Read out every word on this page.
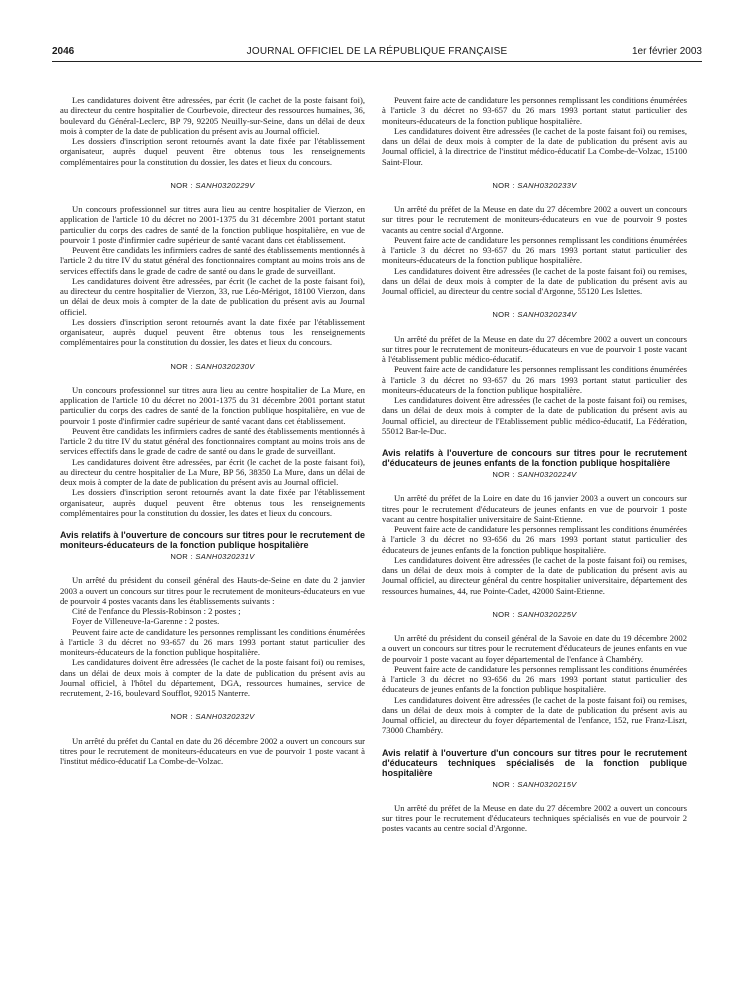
2046	JOURNAL OFFICIEL DE LA RÉPUBLIQUE FRANÇAISE	1er février 2003

Les candidatures doivent être adressées, par écrit (le cachet de la poste faisant foi), au directeur du centre hospitalier de Courbevoie, directeur des ressources humaines, 36, boulevard du Général-Leclerc, BP 79, 92205 Neuilly-sur-Seine, dans un délai de deux mois à compter de la date de publication du présent avis au Journal officiel.

Les dossiers d'inscription seront retournés avant la date fixée par l'établissement organisateur, auprès duquel peuvent être obtenus tous les renseignements complémentaires pour la constitution du dossier, les dates et lieux du concours.

NOR : SANH0320229V

Un concours professionnel sur titres aura lieu au centre hospitalier de Vierzon, en application de l'article 10 du décret no 2001-1375 du 31 décembre 2001 portant statut particulier du corps des cadres de santé de la fonction publique hospitalière, en vue de pourvoir 1 poste d'infirmier cadre supérieur de santé vacant dans cet établissement.

Peuvent être candidats les infirmiers cadres de santé des établissements mentionnés à l'article 2 du titre IV du statut général des fonctionnaires comptant au moins trois ans de services effectifs dans le grade de cadre de santé ou dans le grade de surveillant.

Les candidatures doivent être adressées, par écrit (le cachet de la poste faisant foi), au directeur du centre hospitalier de Vierzon, 33, rue Léo-Mérigot, 18100 Vierzon, dans un délai de deux mois à compter de la date de publication du présent avis au Journal officiel.

Les dossiers d'inscription seront retournés avant la date fixée par l'établissement organisateur, auprès duquel peuvent être obtenus tous les renseignements complémentaires pour la constitution du dossier, les dates et lieux du concours.

NOR : SANH0320230V

Un concours professionnel sur titres aura lieu au centre hospitalier de La Mure, en application de l'article 10 du décret no 2001-1375 du 31 décembre 2001 portant statut particulier du corps des cadres de santé de la fonction publique hospitalière, en vue de pourvoir 1 poste d'infirmier cadre supérieur de santé vacant dans cet établissement.

Peuvent être candidats les infirmiers cadres de santé des établissements mentionnés à l'article 2 du titre IV du statut général des fonctionnaires comptant au moins trois ans de services effectifs dans le grade de cadre de santé ou dans le grade de surveillant.

Les candidatures doivent être adressées, par écrit (le cachet de la poste faisant foi), au directeur du centre hospitalier de La Mure, BP 56, 38350 La Mure, dans un délai de deux mois à compter de la date de publication du présent avis au Journal officiel.

Les dossiers d'inscription seront retournés avant la date fixée par l'établissement organisateur, auprès duquel peuvent être obtenus tous les renseignements complémentaires pour la constitution du dossier, les dates et lieux du concours.

Avis relatifs à l'ouverture de concours sur titres pour le recrutement de moniteurs-éducateurs de la fonction publique hospitalière
NOR : SANH0320231V

Un arrêté du président du conseil général des Hauts-de-Seine en date du 2 janvier 2003 a ouvert un concours sur titres pour le recrutement de moniteurs-éducateurs en vue de pourvoir 4 postes vacants dans les établissements suivants :

Cité de l'enfance du Plessis-Robinson : 2 postes ;

Foyer de Villeneuve-la-Garenne : 2 postes.

Peuvent faire acte de candidature les personnes remplissant les conditions énumérées à l'article 3 du décret no 93-657 du 26 mars 1993 portant statut particulier des moniteurs-éducateurs de la fonction publique hospitalière.

Les candidatures doivent être adressées (le cachet de la poste faisant foi) ou remises, dans un délai de deux mois à compter de la date de publication du présent avis au Journal officiel, à l'hôtel du département, DGA, ressources humaines, service de recrutement, 2-16, boulevard Soufflot, 92015 Nanterre.

NOR : SANH0320232V

Un arrêté du préfet du Cantal en date du 26 décembre 2002 a ouvert un concours sur titres pour le recrutement de moniteurs-éducateurs en vue de pourvoir 1 poste vacant à l'institut médico-éducatif La Combe-de-Volzac.

Peuvent faire acte de candidature les personnes remplissant les conditions énumérées à l'article 3 du décret no 93-657 du 26 mars 1993 portant statut particulier des moniteurs-éducateurs de la fonction publique hospitalière.

Les candidatures doivent être adressées (le cachet de la poste faisant foi) ou remises, dans un délai de deux mois à compter de la date de publication du présent avis au Journal officiel, à la directrice de l'institut médico-éducatif La Combe-de-Volzac, 15100 Saint-Flour.

NOR : SANH0320233V

Un arrêté du préfet de la Meuse en date du 27 décembre 2002 a ouvert un concours sur titres pour le recrutement de moniteurs-éducateurs en vue de pourvoir 9 postes vacants au centre social d'Argonne.

Peuvent faire acte de candidature les personnes remplissant les conditions énumérées à l'article 3 du décret no 93-657 du 26 mars 1993 portant statut particulier des moniteurs-éducateurs de la fonction publique hospitalière.

Les candidatures doivent être adressées (le cachet de la poste faisant foi) ou remises, dans un délai de deux mois à compter de la date de publication du présent avis au Journal officiel, au directeur du centre social d'Argonne, 55120 Les Islettes.

NOR : SANH0320234V

Un arrêté du préfet de la Meuse en date du 27 décembre 2002 a ouvert un concours sur titres pour le recrutement de moniteurs-éducateurs en vue de pourvoir 1 poste vacant à l'établissement public médico-éducatif.

Peuvent faire acte de candidature les personnes remplissant les conditions énumérées à l'article 3 du décret no 93-657 du 26 mars 1993 portant statut particulier des moniteurs-éducateurs de la fonction publique hospitalière.

Les candidatures doivent être adressées (le cachet de la poste faisant foi) ou remises, dans un délai de deux mois à compter de la date de publication du présent avis au Journal officiel, au directeur de l'Etablissement public médico-éducatif, La Fédération, 55012 Bar-le-Duc.

Avis relatifs à l'ouverture de concours sur titres pour le recrutement d'éducateurs de jeunes enfants de la fonction publique hospitalière
NOR : SANH0320224V

Un arrêté du préfet de la Loire en date du 16 janvier 2003 a ouvert un concours sur titres pour le recrutement d'éducateurs de jeunes enfants en vue de pourvoir 1 poste vacant au centre hospitalier universitaire de Saint-Etienne.

Peuvent faire acte de candidature les personnes remplissant les conditions énumérées à l'article 3 du décret no 93-656 du 26 mars 1993 portant statut particulier des éducateurs de jeunes enfants de la fonction publique hospitalière.

Les candidatures doivent être adressées (le cachet de la poste faisant foi) ou remises, dans un délai de deux mois à compter de la date de publication du présent avis au Journal officiel, au directeur général du centre hospitalier universitaire, département des ressources humaines, 44, rue Pointe-Cadet, 42000 Saint-Etienne.

NOR : SANH0320225V

Un arrêté du président du conseil général de la Savoie en date du 19 décembre 2002 a ouvert un concours sur titres pour le recrutement d'éducateurs de jeunes enfants en vue de pourvoir 1 poste vacant au foyer départemental de l'enfance à Chambéry.

Peuvent faire acte de candidature les personnes remplissant les conditions énumérées à l'article 3 du décret no 93-656 du 26 mars 1993 portant statut particulier des éducateurs de jeunes enfants de la fonction publique hospitalière.

Les candidatures doivent être adressées (le cachet de la poste faisant foi) ou remises, dans un délai de deux mois à compter de la date de publication du présent avis au Journal officiel, au directeur du foyer départemental de l'enfance, 152, rue Franz-Liszt, 73000 Chambéry.

Avis relatif à l'ouverture d'un concours sur titres pour le recrutement d'éducateurs techniques spécialisés de la fonction publique hospitalière
NOR : SANH0320215V

Un arrêté du préfet de la Meuse en date du 27 décembre 2002 a ouvert un concours sur titres pour le recrutement d'éducateurs techniques spécialisés en vue de pourvoir 2 postes vacants au centre social d'Argonne.
